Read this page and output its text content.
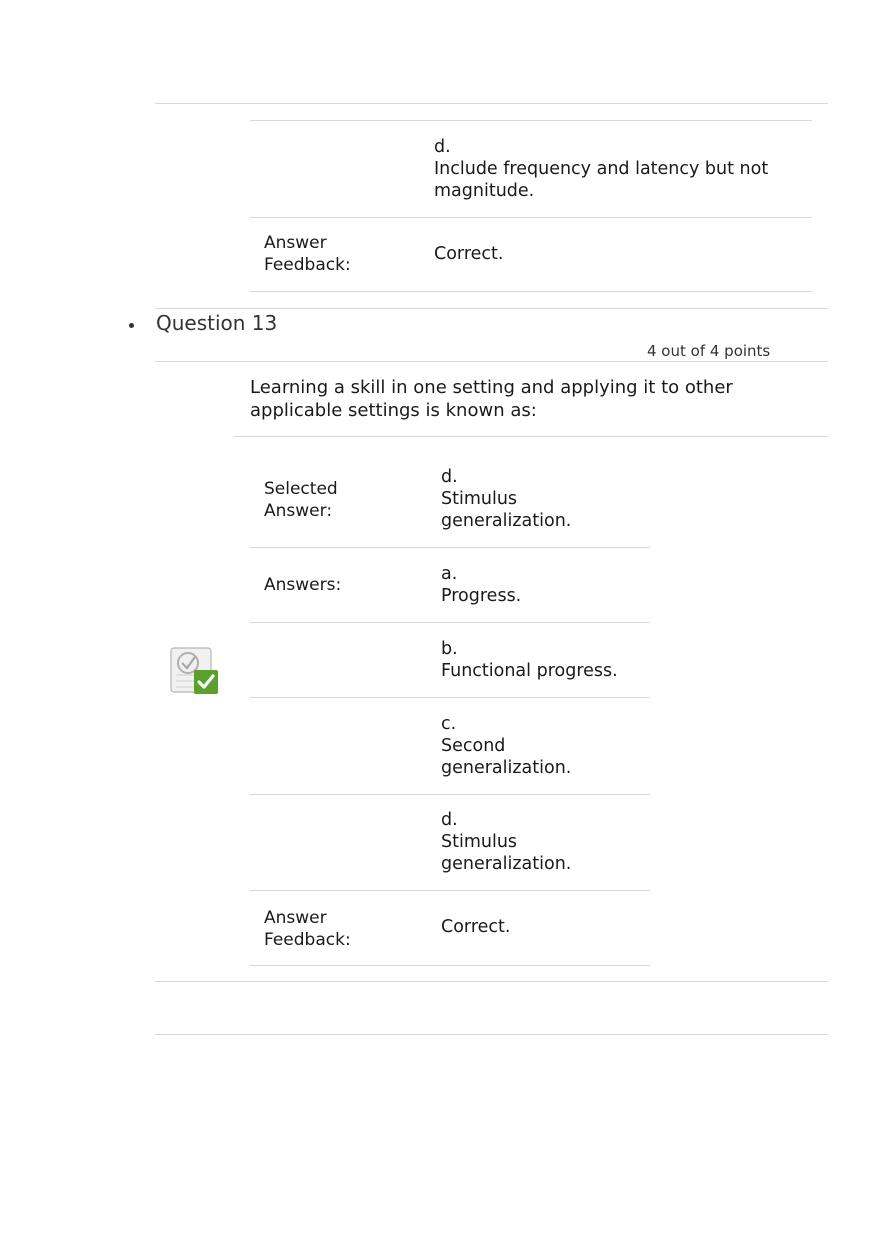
d.
Include frequency and latency but not magnitude.
Answer Feedback:
Correct.
Question 13
4 out of 4 points
Learning a skill in one setting and applying it to other applicable settings is known as:
Selected Answer:
d.
Stimulus generalization.
Answers:
a.
Progress.
b.
Functional progress.
c.
Second generalization.
d.
Stimulus generalization.
Answer Feedback:
Correct.
